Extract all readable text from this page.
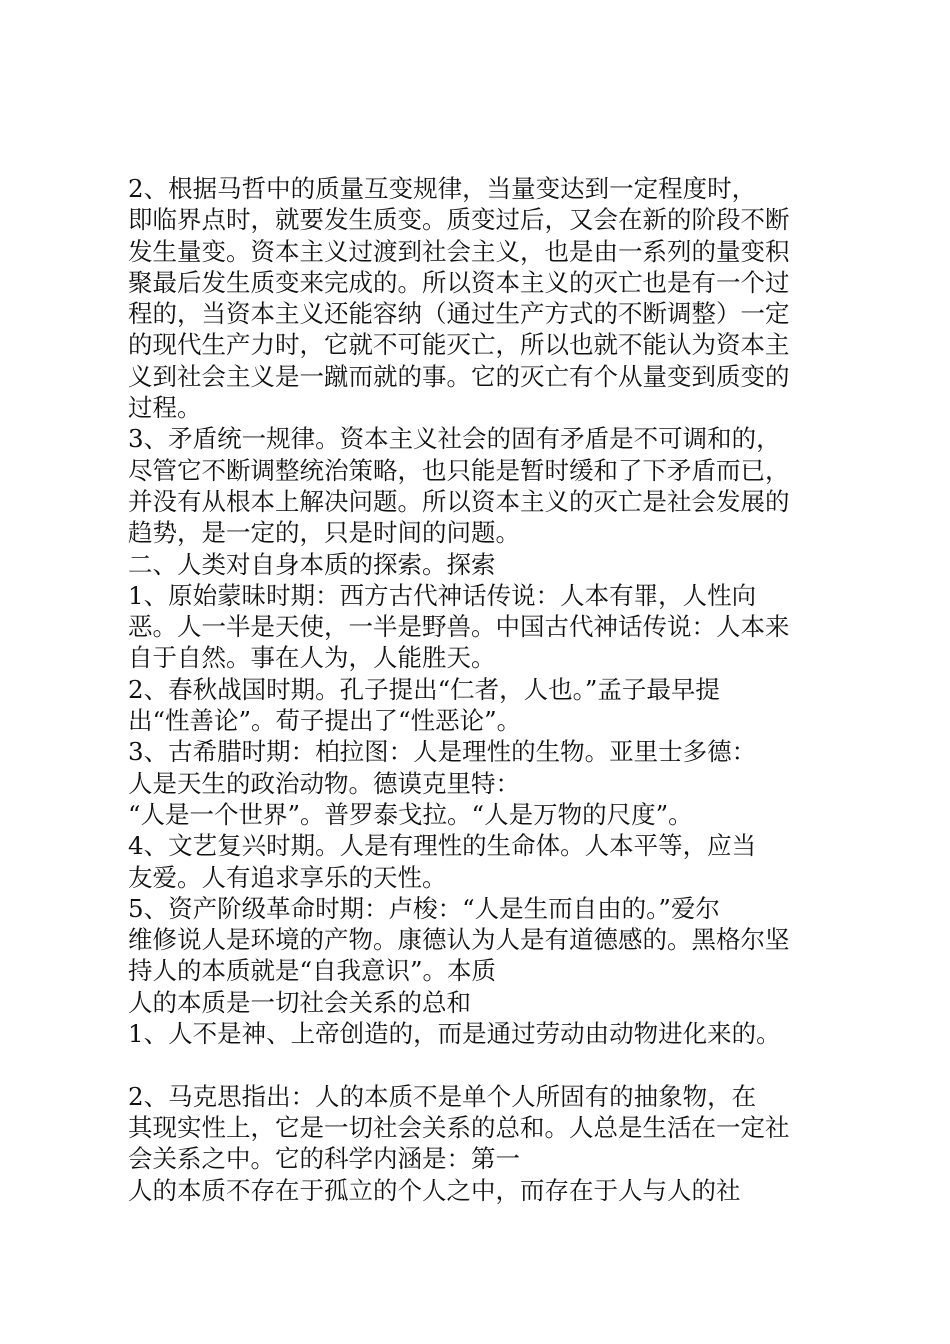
2、根据马哲中的质量互变规律，当量变达到一定程度时，
即临界点时，就要发生质变。质变过后，又会在新的阶段不断
发生量变。资本主义过渡到社会主义，也是由一系列的量变积
聚最后发生质变来完成的。所以资本主义的灭亡也是有一个过
程的，当资本主义还能容纳（通过生产方式的不断调整）一定
的现代生产力时，它就不可能灭亡，所以也就不能认为资本主
义到社会主义是一蹴而就的事。它的灭亡有个从量变到质变的
过程。
3、矛盾统一规律。资本主义社会的固有矛盾是不可调和的，
尽管它不断调整统治策略，也只能是暂时缓和了下矛盾而已，
并没有从根本上解决问题。所以资本主义的灭亡是社会发展的
趋势，是一定的，只是时间的问题。
二、人类对自身本质的探索。探索
1、原始蒙昧时期：西方古代神话传说：人本有罪，人性向
恶。人一半是天使，一半是野兽。中国古代神话传说：人本来
自于自然。事在人为，人能胜天。
2、春秋战国时期。孔子提出“仁者，人也。”孟子最早提
出“性善论”。荀子提出了“性恶论”。
3、古希腊时期：柏拉图：人是理性的生物。亚里士多德：
人是天生的政治动物。德谟克里特：
“人是一个世界”。普罗泰戈拉。“人是万物的尺度”。
4、文艺复兴时期。人是有理性的生命体。人本平等，应当
友爱。人有追求享乐的天性。
5、资产阶级革命时期：卢梭：“人是生而自由的。”爱尔
维修说人是环境的产物。康德认为人是有道德感的。黑格尔坚
持人的本质就是“自我意识”。本质
人的本质是一切社会关系的总和
1、人不是神、上帝创造的，而是通过劳动由动物进化来的。
2、马克思指出：人的本质不是单个人所固有的抽象物，在
其现实性上，它是一切社会关系的总和。人总是生活在一定社
会关系之中。它的科学内涵是：第一
人的本质不存在于孤立的个人之中，而存在于人与人的社
